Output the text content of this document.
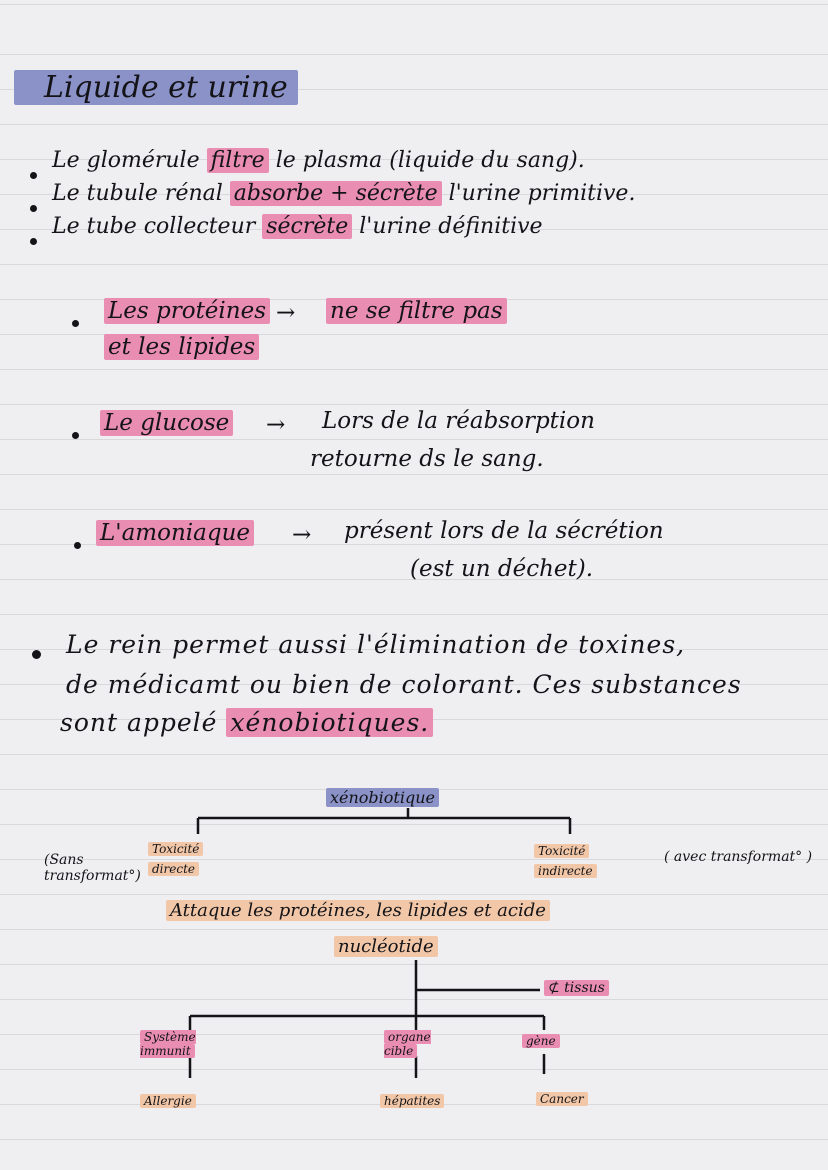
Liquide et urine
Le glomérule filtre le plasma (liquide du sang).
Le tubule rénal absorbe + sécrète l'urine primitive.
Le tube collecteur sécrète l'urine définitive
Les protéines
et les lipides
→ ne se filtre pas
Le glucose → Lors de la réabsorption
retourne ds le sang.
L'amoniaque → présent lors de la sécrétion
(est un déchet).
Le rein permet aussi l'élimination de toxines,
de médicamt ou bien de colorant. Ces substances
sont appelé xénobiotiques.
xénobiotique
(Sans transformat°)
Toxicité
directe
Toxicité
indirecte
( avec transformat° )
Attaque les protéines, les lipides et acide
nucléotide
⊄ tissus
Système immunit
organe cible
gène
Allergie	hépatites	Cancer
